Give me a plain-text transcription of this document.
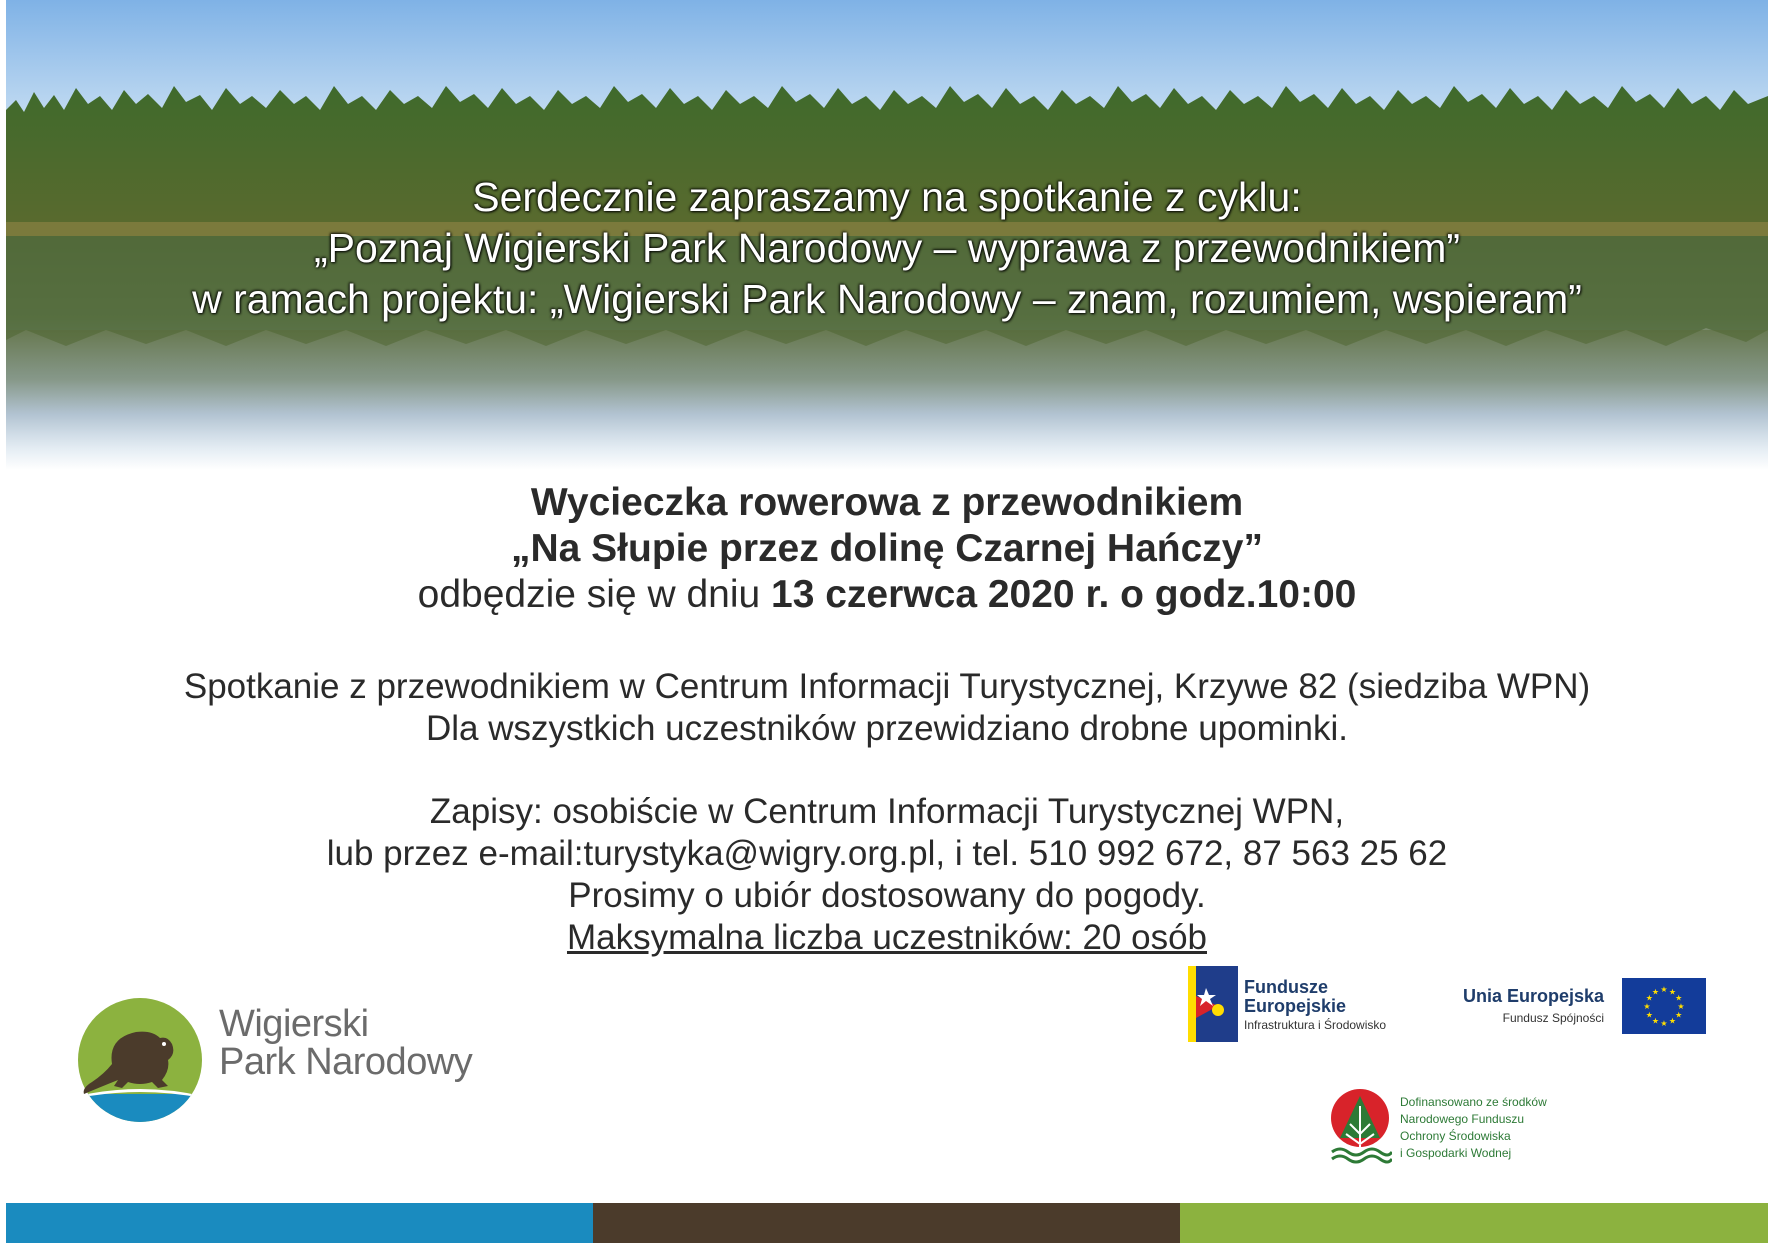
Serdecznie zapraszamy na spotkanie z cyklu:
„Poznaj Wigierski Park Narodowy – wyprawa z przewodnikiem”
w ramach projektu: „Wigierski Park Narodowy – znam, rozumiem, wspieram”
Wycieczka rowerowa z przewodnikiem
„Na Słupie przez dolinę Czarnej Hańczy”
odbędzie się w dniu 13 czerwca 2020 r. o godz.10:00
Spotkanie z przewodnikiem w Centrum Informacji Turystycznej, Krzywe 82 (siedziba WPN)
Dla wszystkich uczestników przewidziano drobne upominki.
Zapisy: osobiście w Centrum Informacji Turystycznej WPN,
lub przez e-mail:turystyka@wigry.org.pl, i tel. 510 992 672, 87 563 25 62
Prosimy o ubiór dostosowany do pogody.
Maksymalna liczba uczestników: 20 osób
Wigierski
Park Narodowy
Fundusze
Europejskie
Infrastruktura i Środowisko
Unia Europejska
Fundusz Spójności
★
★
★
★
★
★
★
★
★ ★ ★
★
Dofinansowano ze środków
Narodowego Funduszu
Ochrony Środowiska
i Gospodarki Wodnej
